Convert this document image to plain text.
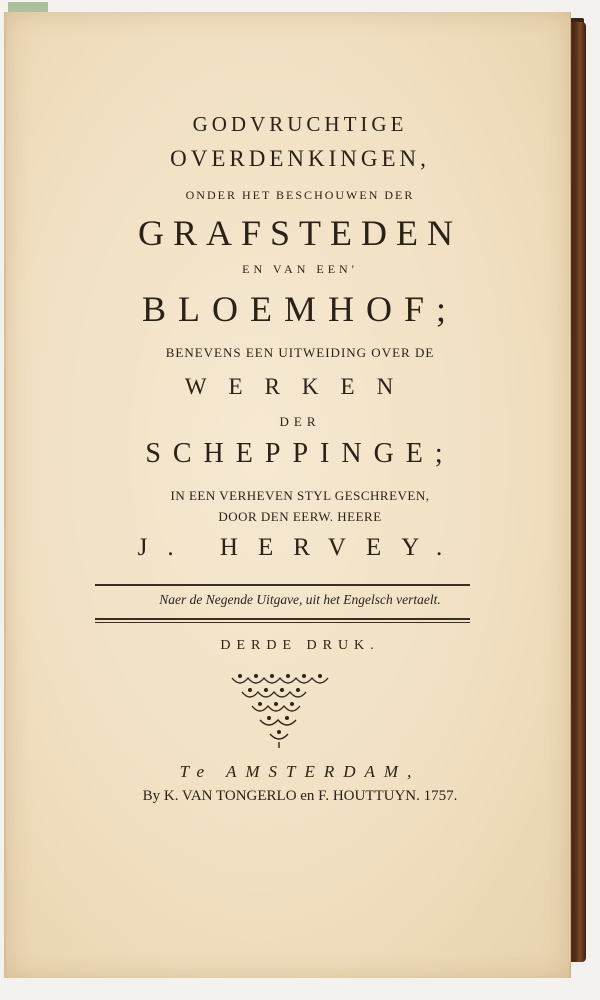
GODVRUCHTIGE
OVERDENKINGEN,
ONDER HET BESCHOUWEN DER
GRAFSTEDEN
EN VAN EEN'
BLOEMHOF;
BENEVENS EEN UITWEIDING OVER DE
WERKEN
DER
SCHEPPINGE;
IN EEN VERHEVEN STYL GESCHREVEN,
DOOR DEN EERW. HEERE
J. HERVEY.
Naer de Negende Uitgave, uit het Engelsch vertaelt.
DERDE DRUK.
Te AMSTERDAM,
By K. VAN TONGERLO en F. HOUTTUYN. 1757.
